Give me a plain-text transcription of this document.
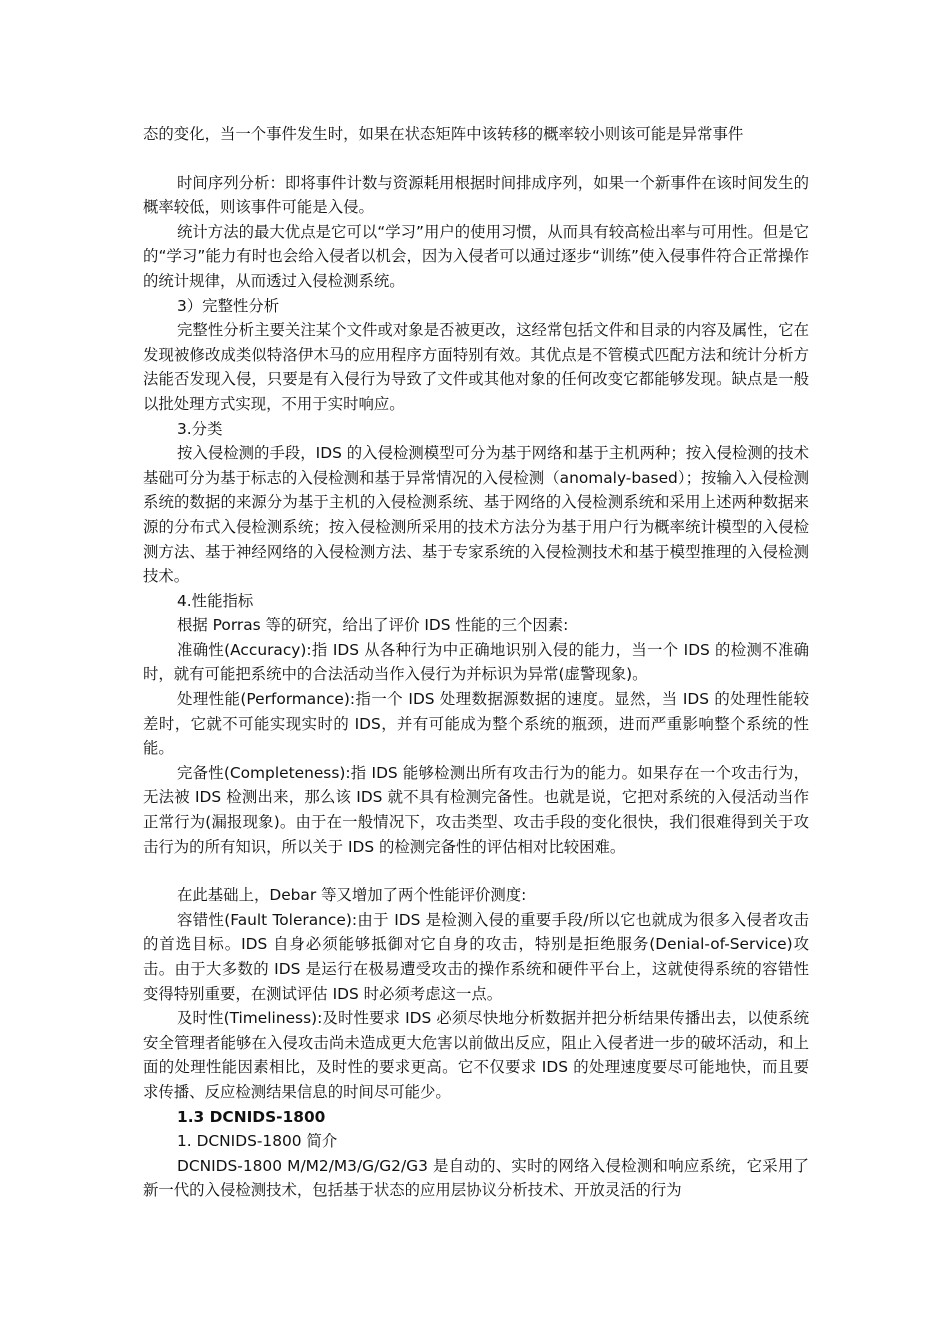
态的变化，当一个事件发生时，如果在状态矩阵中该转移的概率较小则该可能是异常事件

时间序列分析：即将事件计数与资源耗用根据时间排成序列，如果一个新事件在该时间发生的概率较低，则该事件可能是入侵。

统计方法的最大优点是它可以“学习”用户的使用习惯，从而具有较高检出率与可用性。但是它的“学习”能力有时也会给入侵者以机会，因为入侵者可以通过逐步“训练”使入侵事件符合正常操作的统计规律，从而透过入侵检测系统。

3）完整性分析

完整性分析主要关注某个文件或对象是否被更改，这经常包括文件和目录的内容及属性，它在发现被修改成类似特洛伊木马的应用程序方面特别有效。其优点是不管模式匹配方法和统计分析方法能否发现入侵，只要是有入侵行为导致了文件或其他对象的任何改变它都能够发现。缺点是一般以批处理方式实现，不用于实时响应。

3.分类

按入侵检测的手段，IDS 的入侵检测模型可分为基于网络和基于主机两种；按入侵检测的技术基础可分为基于标志的入侵检测和基于异常情况的入侵检测（anomaly-based）；按输入入侵检测系统的数据的来源分为基于主机的入侵检测系统、基于网络的入侵检测系统和采用上述两种数据来源的分布式入侵检测系统；按入侵检测所采用的技术方法分为基于用户行为概率统计模型的入侵检测方法、基于神经网络的入侵检测方法、基于专家系统的入侵检测技术和基于模型推理的入侵检测技术。

4.性能指标

根据 Porras 等的研究，给出了评价 IDS 性能的三个因素:

准确性(Accuracy):指 IDS 从各种行为中正确地识别入侵的能力，当一个 IDS 的检测不准确时，就有可能把系统中的合法活动当作入侵行为并标识为异常(虚警现象)。

处理性能(Performance):指一个 IDS 处理数据源数据的速度。显然，当 IDS 的处理性能较差时，它就不可能实现实时的 IDS，并有可能成为整个系统的瓶颈，进而严重影响整个系统的性能。

完备性(Completeness):指 IDS 能够检测出所有攻击行为的能力。如果存在一个攻击行为，无法被 IDS 检测出来，那么该 IDS 就不具有检测完备性。也就是说，它把对系统的入侵活动当作正常行为(漏报现象)。由于在一般情况下，攻击类型、攻击手段的变化很快，我们很难得到关于攻击行为的所有知识，所以关于 IDS 的检测完备性的评估相对比较困难。

在此基础上，Debar 等又增加了两个性能评价测度:

容错性(Fault Tolerance):由于 IDS 是检测入侵的重要手段/所以它也就成为很多入侵者攻击的首选目标。IDS 自身必须能够抵御对它自身的攻击，特别是拒绝服务(Denial-of-Service)攻击。由于大多数的 IDS 是运行在极易遭受攻击的操作系统和硬件平台上，这就使得系统的容错性变得特别重要，在测试评估 IDS 时必须考虑这一点。

及时性(Timeliness):及时性要求 IDS 必须尽快地分析数据并把分析结果传播出去，以使系统安全管理者能够在入侵攻击尚未造成更大危害以前做出反应，阻止入侵者进一步的破坏活动，和上面的处理性能因素相比，及时性的要求更高。它不仅要求 IDS 的处理速度要尽可能地快，而且要求传播、反应检测结果信息的时间尽可能少。

1.3 DCNIDS-1800

1. DCNIDS-1800 简介

DCNIDS-1800 M/M2/M3/G/G2/G3 是自动的、实时的网络入侵检测和响应系统，它采用了新一代的入侵检测技术，包括基于状态的应用层协议分析技术、开放灵活的行为
